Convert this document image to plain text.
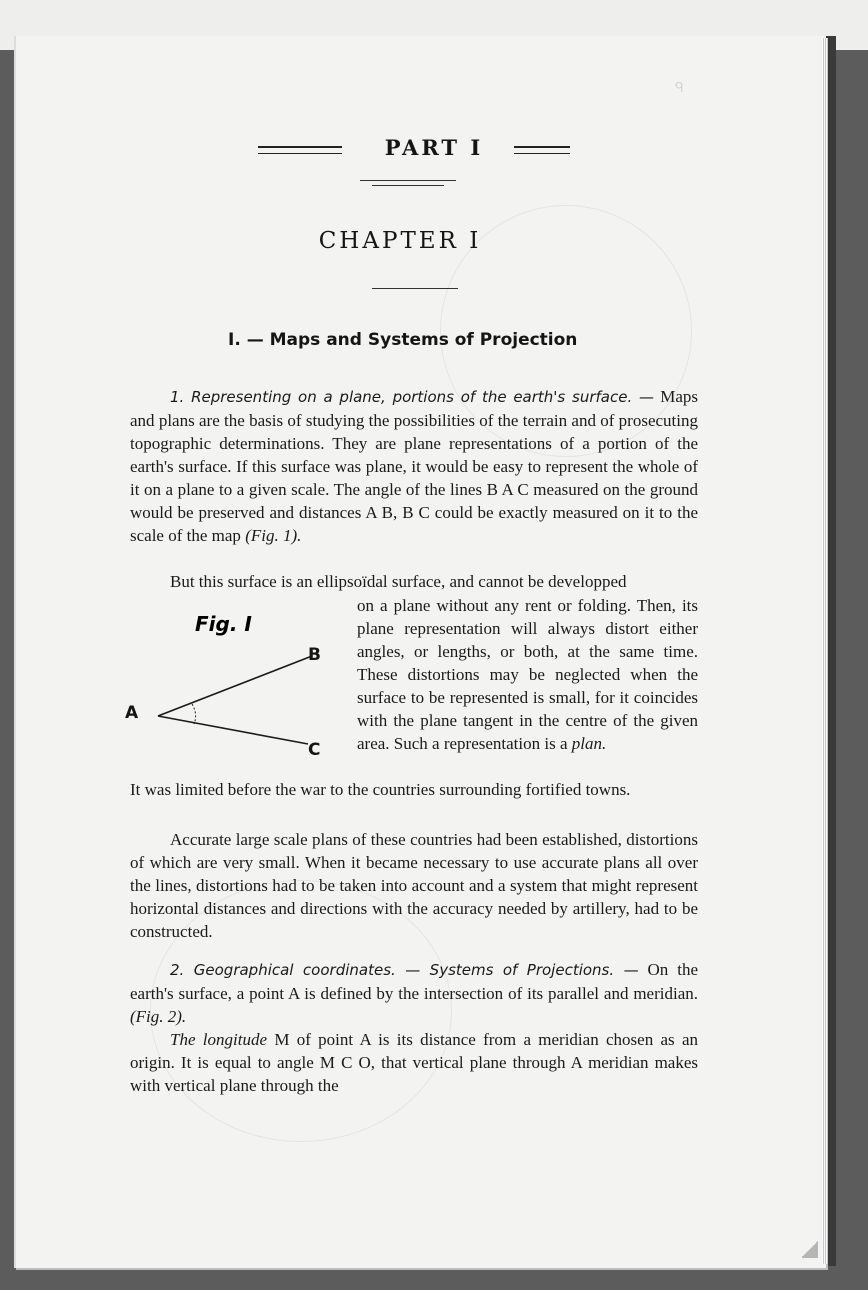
ᑫ
PART I
CHAPTER I
I. — Maps and Systems of Projection
1. Representing on a plane, portions of the earth's surface. — Maps and plans are the basis of studying the possibilities of the terrain and of prosecuting topographic determinations. They are plane representations of a portion of the earth's surface. If this surface was plane, it would be easy to represent the whole of it on a plane to a given scale. The angle of the lines B A C measured on the ground would be preserved and distances A B, B C could be exactly measured on it to the scale of the map (Fig. 1).
But this surface is an ellipsoïdal surface, and cannot be developped
Fig. I
A
B
C
on a plane without any rent or folding. Then, its plane representation will always distort either angles, or lengths, or both, at the same time. These distortions may be neglected when the surface to be represented is small, for it coincides with the plane tangent in the centre of the given area. Such a representation is a plan.
It was limited before the war to the countries surrounding fortified towns.
Accurate large scale plans of these countries had been established, distortions of which are very small. When it became necessary to use accurate plans all over the lines, distortions had to be taken into account and a system that might represent horizontal distances and directions with the accuracy needed by artillery, had to be constructed.
2. Geographical coordinates. — Systems of Projections. — On the earth's surface, a point A is defined by the intersection of its parallel and meridian. (Fig. 2).
The longitude M of point A is its distance from a meridian chosen as an origin. It is equal to angle M C O, that vertical plane through A meridian makes with vertical plane through the
